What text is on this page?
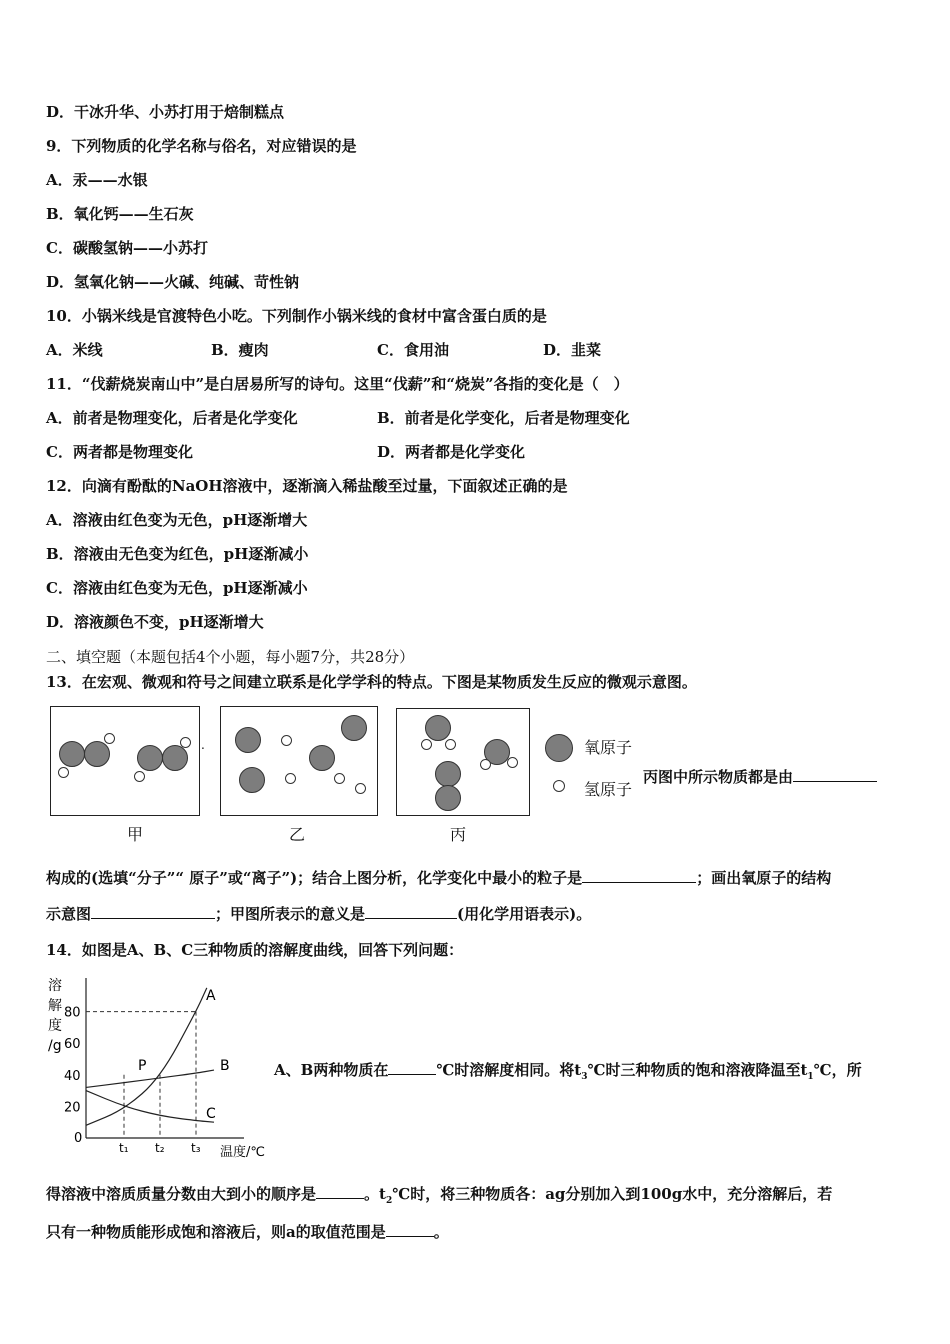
D．干冰升华、小苏打用于焙制糕点
9．下列物质的化学名称与俗名，对应错误的是
A．汞——水银
B．氧化钙——生石灰
C．碳酸氢钠——小苏打
D．氢氧化钠——火碱、纯碱、苛性钠
10．小锅米线是官渡特色小吃。下列制作小锅米线的食材中富含蛋白质的是
A．米线	B．瘦肉	C．食用油	D．韭菜
11．“伐薪烧炭南山中”是白居易所写的诗句。这里“伐薪”和“烧炭”各指的变化是（　）
A．前者是物理变化，后者是化学变化	B．前者是化学变化，后者是物理变化
C．两者都是物理变化	D．两者都是化学变化
12．向滴有酚酞的NaOH溶液中，逐渐滴入稀盐酸至过量，下面叙述正确的是
A．溶液由红色变为无色，pH逐渐增大
B．溶液由无色变为红色，pH逐渐减小
C．溶液由红色变为无色，pH逐渐减小
D．溶液颜色不变，pH逐渐增大
二、填空题（本题包括4个小题，每小题7分，共28分）
13．在宏观、微观和符号之间建立联系是化学学科的特点。下图是某物质发生反应的微观示意图。
.
甲	乙	丙
氧原子
氢原子
丙图中所示物质都是由
构成的(选填“分子”“ 原子”或“离子”)；结合上图分析，化学变化中最小的粒子是	；画出氧原子的结构
示意图	；甲图所表示的意义是	(用化学用语表示)。
14．如图是A、B、C三种物质的溶解度曲线，回答下列问题：
溶
解
度
/g
0
80
60
40
20
t₁ t₂ t₃ 温度/℃
A
B
C
P	A、B两种物质在	℃时溶解度相同。将$t_3℃$时三种物质的饱和溶液降温至$t_1℃$，所
得溶液中溶质质量分数由大到小的顺序是	。$t_2℃$时，将三种物质各：ag分别加入到100g水中，充分溶解后，若
只有一种物质能形成饱和溶液后，则a的取值范围是	。
